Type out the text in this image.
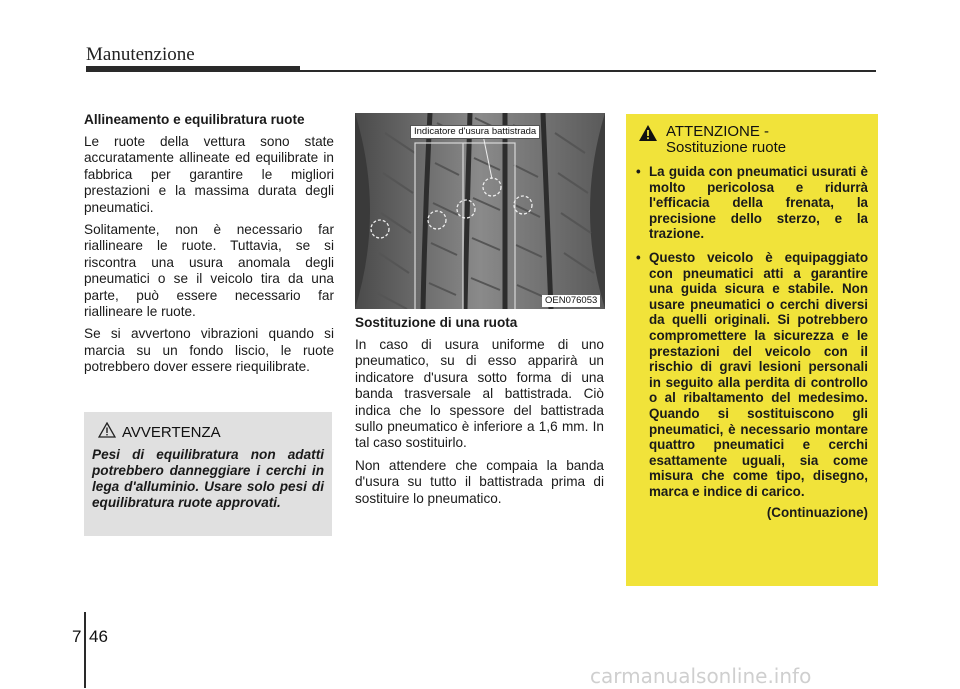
Manutenzione
Allineamento e equilibratura ruote

Le ruote della vettura sono state accuratamente allineate ed equilibrate in fabbrica per garantire le migliori prestazioni e la massima durata degli pneumatici.

Solitamente, non è necessario far riallineare le ruote. Tuttavia, se si riscontra una usura anomala degli pneumatici o se il veicolo tira da una parte, può essere necessario far riallineare le ruote.

Se si avvertono vibrazioni quando si marcia su un fondo liscio, le ruote potrebbero dover essere riequilibrate.

AVVERTENZA

Pesi di equilibratura non adatti potrebbero danneggiare i cerchi in lega d'alluminio. Usare solo pesi di equilibratura ruote approvati.

Indicatore d'usura battistrada
OEN076053
Sostituzione di una ruota

In caso di usura uniforme di uno pneumatico, su di esso apparirà un indicatore d'usura sotto forma di una banda trasversale al battistrada. Ciò indica che lo spessore del battistrada sullo pneumatico è inferiore a 1,6 mm. In tal caso sostituirlo.

Non attendere che compaia la banda d'usura su tutto il battistrada prima di sostituire lo pneumatico.

ATTENZIONE -
Sostituzione ruote
• La guida con pneumatici usurati è molto pericolosa e ridurrà l'efficacia della frenata, la precisione dello sterzo, e la trazione.
• Questo veicolo è equipaggiato con pneumatici atti a garantire una guida sicura e stabile. Non usare pneumatici o cerchi diversi da quelli originali. Si potrebbero compromettere la sicurezza e le prestazioni del veicolo con il rischio di gravi lesioni personali in seguito alla perdita di controllo o al ribaltamento del medesimo. Quando si sostituiscono gli pneumatici, è necessario montare quattro pneumatici e cerchi esattamente uguali, sia come misura che come tipo, disegno, marca e indice di carico.
(Continuazione)
7 46
carmanualsonline.info
